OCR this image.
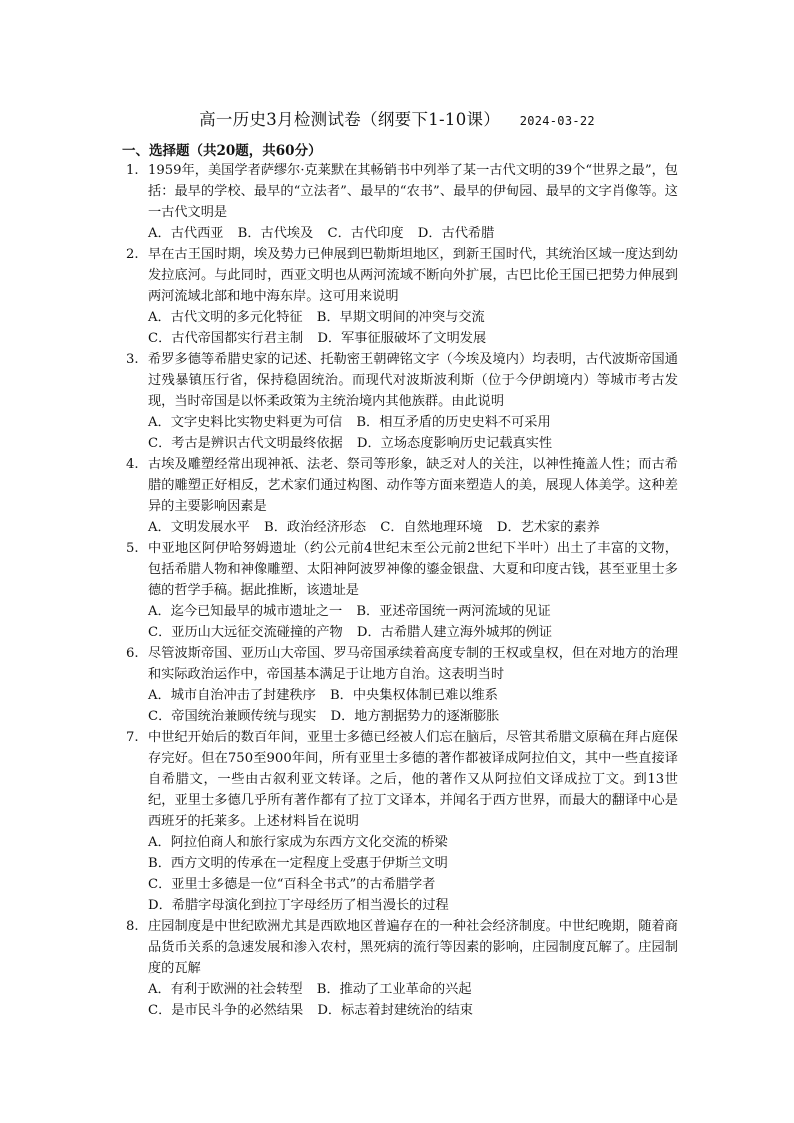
高一历史3月检测试卷（纲要下1-10课） 2024-03-22
一、选择题（共20题，共60分）
1. 1959年，美国学者萨缪尔·克莱默在其畅销书中列举了某一古代文明的39个“世界之最”，包括：最早的学校、最早的“立法者”、最早的“农书”、最早的伊甸园、最早的文字肖像等。这一古代文明是

A．古代西亚 B．古代埃及 C．古代印度 D．古代希腊
2. 早在古王国时期，埃及势力已伸展到巴勒斯坦地区，到新王国时代，其统治区域一度达到幼发拉底河。与此同时，西亚文明也从两河流域不断向外扩展，古巴比伦王国已把势力伸展到两河流域北部和地中海东岸。这可用来说明

A．古代文明的多元化特征 B．早期文明间的冲突与交流
C．古代帝国都实行君主制 D．军事征服破坏了文明发展
3. 希罗多德等希腊史家的记述、托勒密王朝碑铭文字（今埃及境内）均表明，古代波斯帝国通过残暴镇压行省，保持稳固统治。而现代对波斯波利斯（位于今伊朗境内）等城市考古发现，当时帝国是以怀柔政策为主统治境内其他族群。由此说明

A．文字史料比实物史料更为可信 B．相互矛盾的历史史料不可采用
C．考古是辨识古代文明最终依据 D．立场态度影响历史记载真实性
4. 古埃及雕塑经常出现神祇、法老、祭司等形象，缺乏对人的关注，以神性掩盖人性；而古希腊的雕塑正好相反，艺术家们通过构图、动作等方面来塑造人的美，展现人体美学。这种差异的主要影响因素是

A．文明发展水平 B．政治经济形态 C．自然地理环境 D．艺术家的素养
5. 中亚地区阿伊哈努姆遗址（约公元前4世纪末至公元前2世纪下半叶）出土了丰富的文物，包括希腊人物和神像雕塑、太阳神阿波罗神像的鎏金银盘、大夏和印度古钱，甚至亚里士多德的哲学手稿。据此推断，该遗址是

A．迄今已知最早的城市遗址之一 B．亚述帝国统一两河流域的见证
C．亚历山大远征交流碰撞的产物 D．古希腊人建立海外城邦的例证
6. 尽管波斯帝国、亚历山大帝国、罗马帝国承续着高度专制的王权或皇权，但在对地方的治理和实际政治运作中，帝国基本满足于让地方自治。这表明当时

A．城市自治冲击了封建秩序 B．中央集权体制已难以维系
C．帝国统治兼顾传统与现实 D．地方割据势力的逐渐膨胀
7. 中世纪开始后的数百年间，亚里士多德已经被人们忘在脑后，尽管其希腊文原稿在拜占庭保存完好。但在750至900年间，所有亚里士多德的著作都被译成阿拉伯文，其中一些直接译自希腊文，一些由古叙利亚文转译。之后，他的著作又从阿拉伯文译成拉丁文。到13世纪，亚里士多德几乎所有著作都有了拉丁文译本，并闻名于西方世界，而最大的翻译中心是西班牙的托莱多。上述材料旨在说明

A．阿拉伯商人和旅行家成为东西方文化交流的桥梁
B．西方文明的传承在一定程度上受惠于伊斯兰文明
C．亚里士多德是一位“百科全书式”的古希腊学者
D．希腊字母演化到拉丁字母经历了相当漫长的过程
8. 庄园制度是中世纪欧洲尤其是西欧地区普遍存在的一种社会经济制度。中世纪晚期，随着商品货币关系的急速发展和渗入农村，黑死病的流行等因素的影响，庄园制度瓦解了。庄园制度的瓦解

A．有利于欧洲的社会转型 B．推动了工业革命的兴起
C．是市民斗争的必然结果 D．标志着封建统治的结束
